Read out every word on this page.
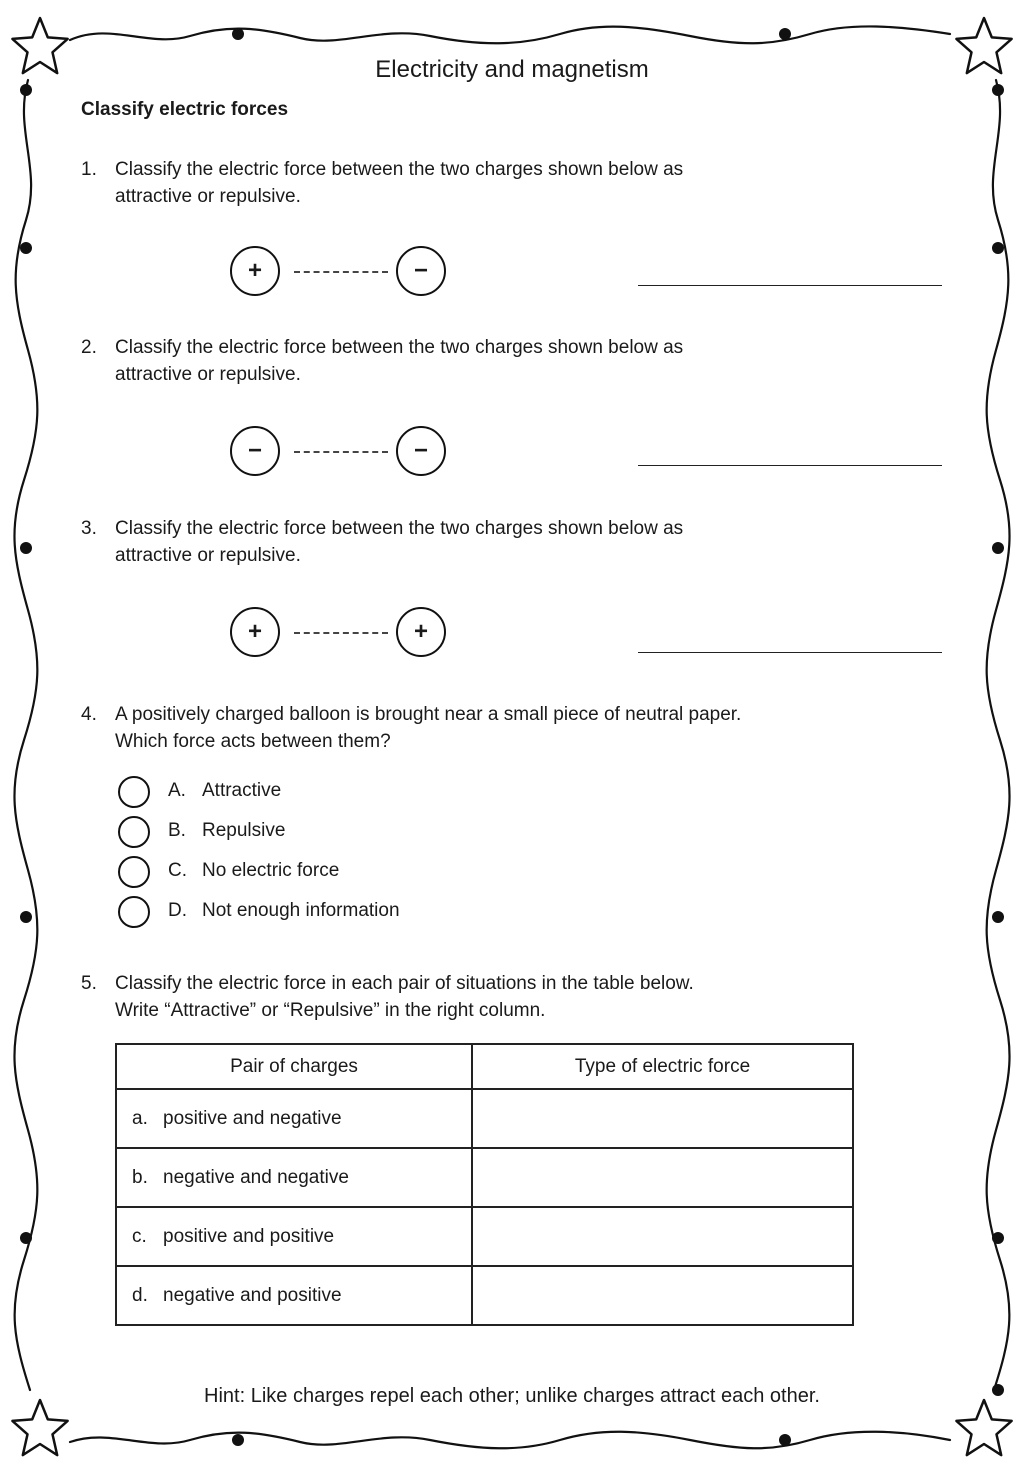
Electricity and magnetism
Classify electric forces
1. Classify the electric force between the two charges shown below as
attractive or repulsive.
+	−
2. Classify the electric force between the two charges shown below as
attractive or repulsive.
−	−
3. Classify the electric force between the two charges shown below as
attractive or repulsive.
+	+
4. A positively charged balloon is brought near a small piece of neutral paper.
Which force acts between them?
A. Attractive
B. Repulsive
C. No electric force
D. Not enough information
5. Classify the electric force in each pair of situations in the table below.
Write “Attractive” or “Repulsive” in the right column.
Pair of charges	Type of electric force
a. positive and negative	
b. negative and negative	
c. positive and positive	
d. negative and positive	
Hint: Like charges repel each other; unlike charges attract each other.
